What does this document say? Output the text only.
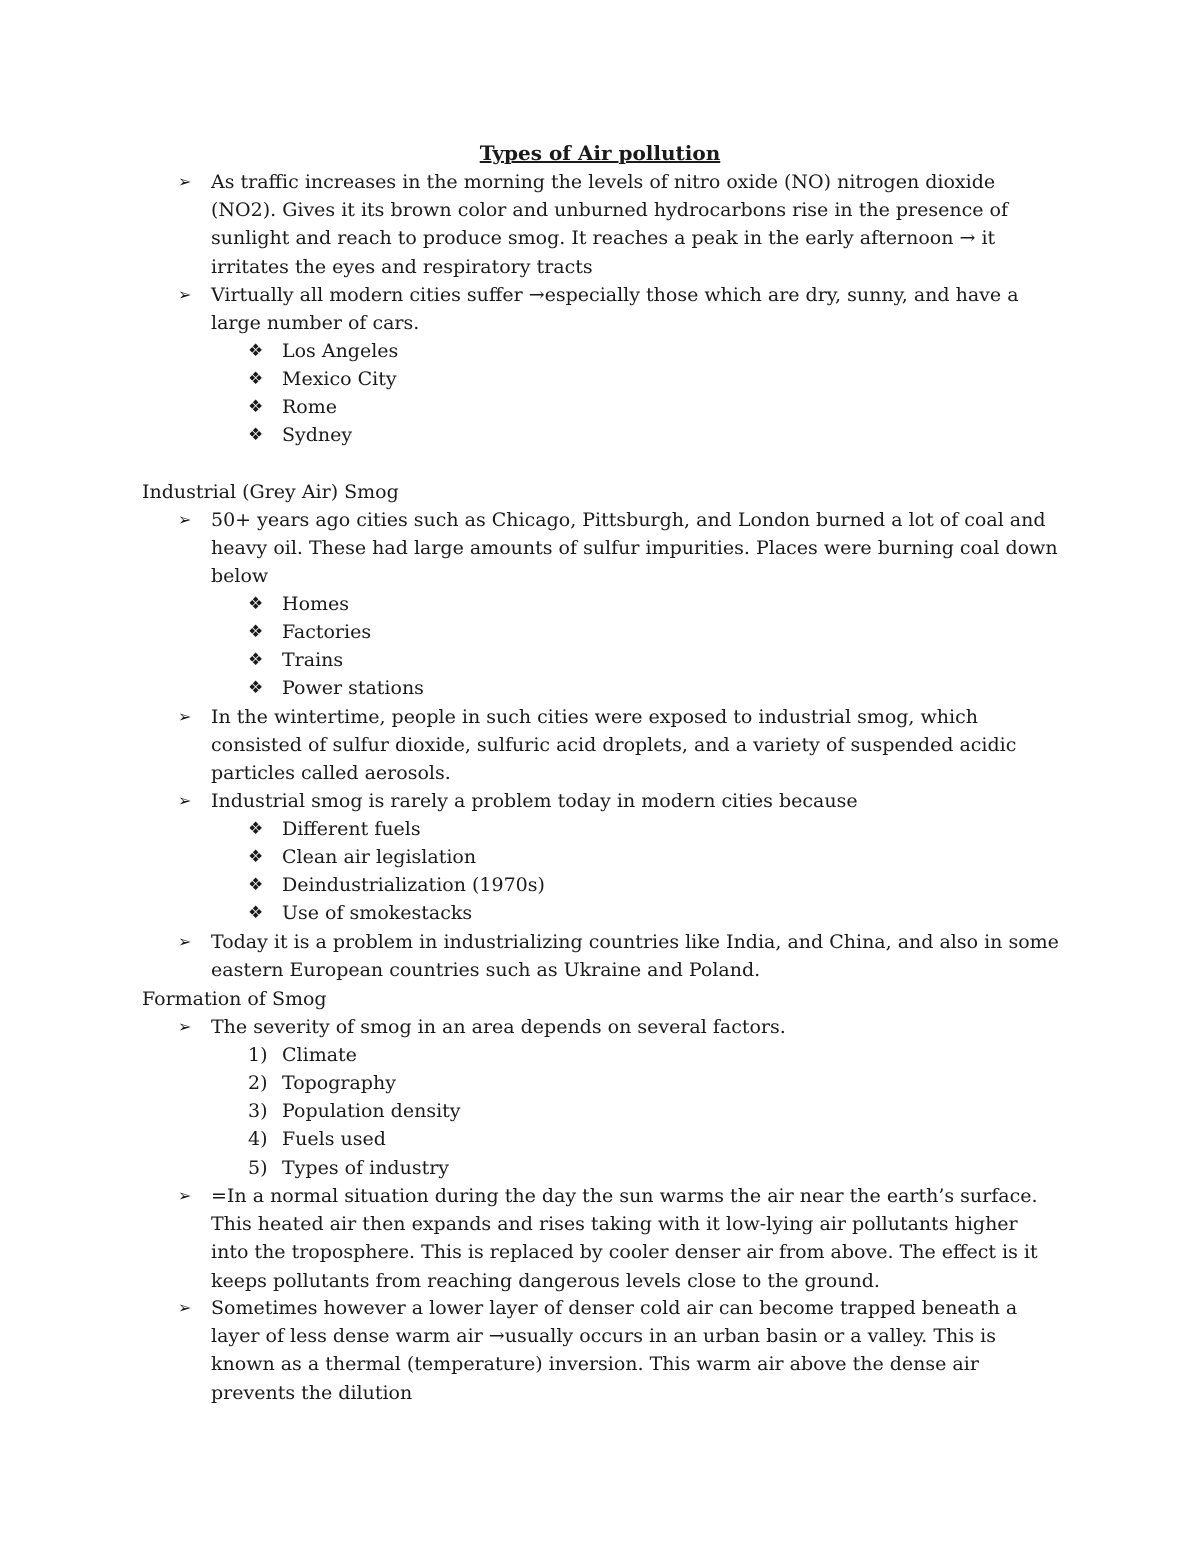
Types of Air pollution
➢ As traffic increases in the morning the levels of nitro oxide (NO) nitrogen dioxide (NO2). Gives it its brown color and unburned hydrocarbons rise in the presence of sunlight and reach to produce smog. It reaches a peak in the early afternoon → it irritates the eyes and respiratory tracts
➢ Virtually all modern cities suffer →especially those which are dry, sunny, and have a large number of cars.
❖ Los Angeles
❖ Mexico City
❖ Rome
❖ Sydney
Industrial (Grey Air) Smog
➢ 50+ years ago cities such as Chicago, Pittsburgh, and London burned a lot of coal and heavy oil. These had large amounts of sulfur impurities. Places were burning coal down below
❖ Homes
❖ Factories
❖ Trains
❖ Power stations
➢ In the wintertime, people in such cities were exposed to industrial smog, which consisted of sulfur dioxide, sulfuric acid droplets, and a variety of suspended acidic particles called aerosols.
➢ Industrial smog is rarely a problem today in modern cities because
❖ Different fuels
❖ Clean air legislation
❖ Deindustrialization (1970s)
❖ Use of smokestacks
➢ Today it is a problem in industrializing countries like India, and China, and also in some eastern European countries such as Ukraine and Poland.
Formation of Smog
➢ The severity of smog in an area depends on several factors.
1) Climate
2) Topography
3) Population density
4) Fuels used
5) Types of industry
➢ =In a normal situation during the day the sun warms the air near the earth’s surface. This heated air then expands and rises taking with it low-lying air pollutants higher into the troposphere. This is replaced by cooler denser air from above. The effect is it keeps pollutants from reaching dangerous levels close to the ground.
➢ Sometimes however a lower layer of denser cold air can become trapped beneath a layer of less dense warm air →usually occurs in an urban basin or a valley. This is known as a thermal (temperature) inversion. This warm air above the dense air prevents the dilution
